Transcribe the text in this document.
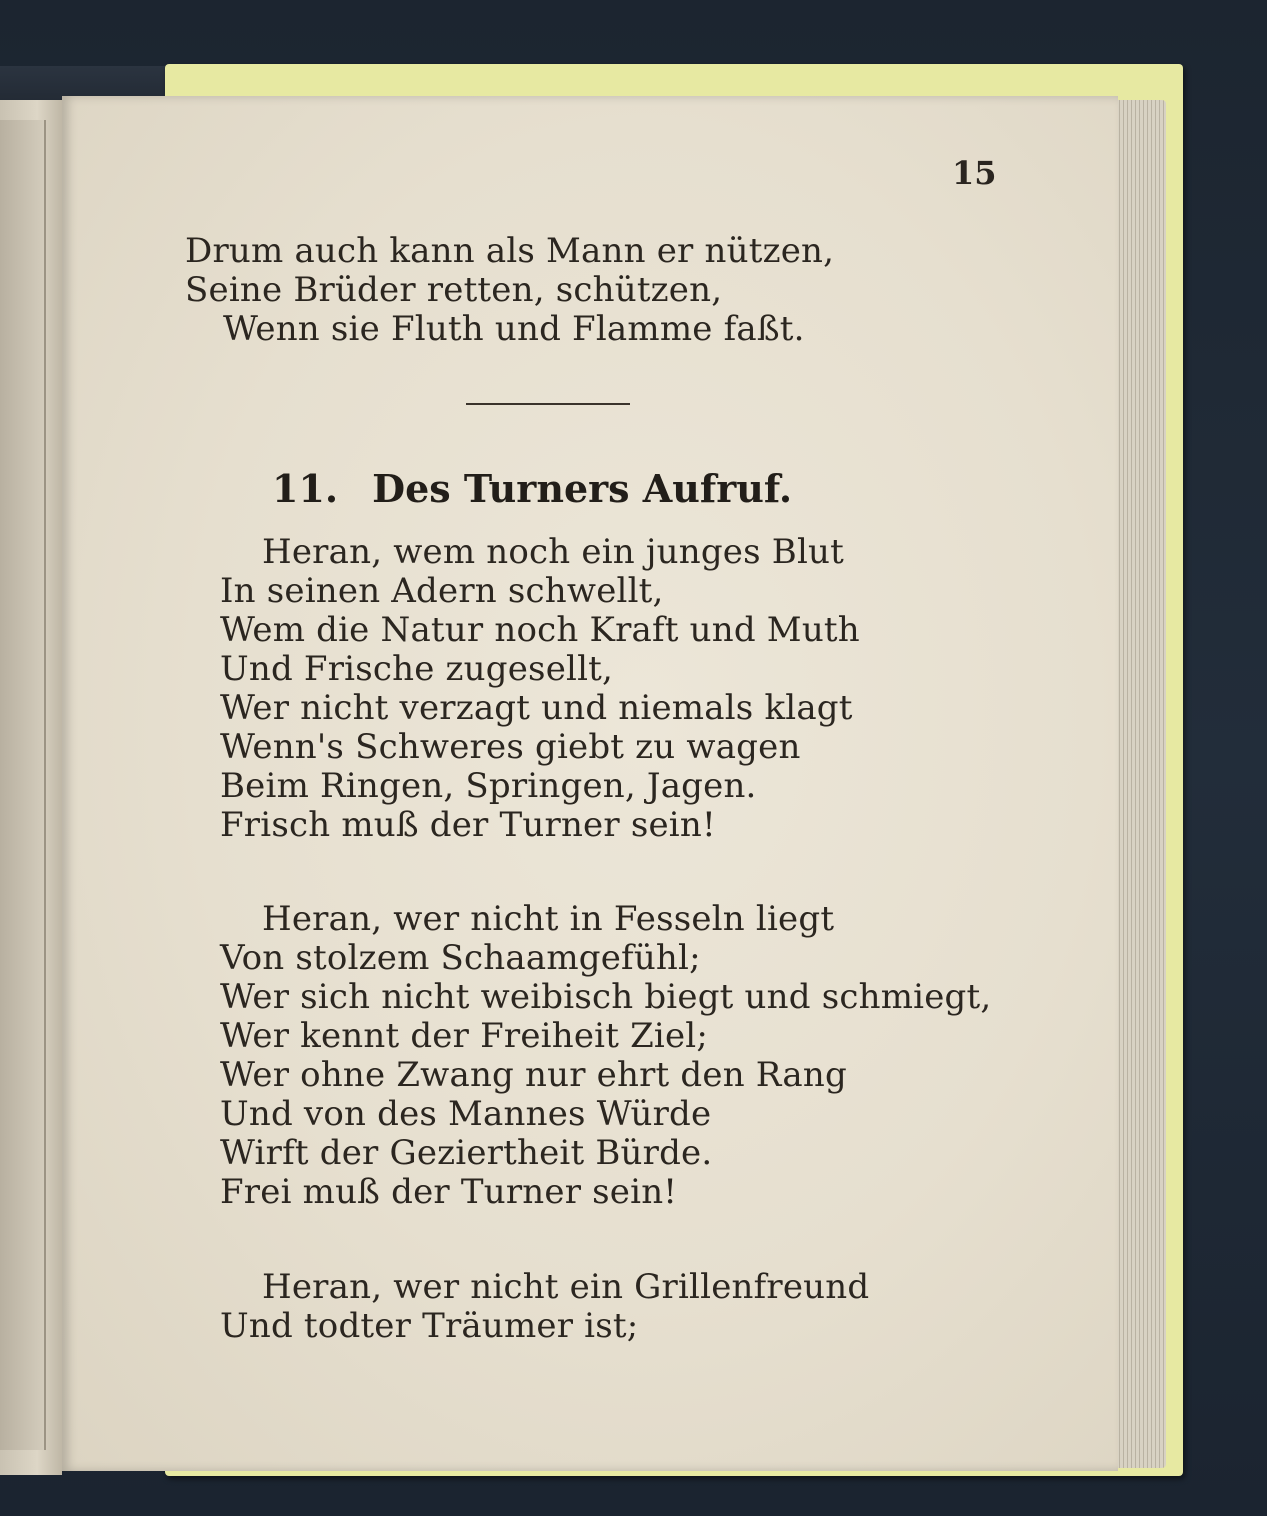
15

Drum auch kann als Mann er nützen,
Seine Brüder retten, schützen,
Wenn sie Fluth und Flamme faßt.
11. Des Turners Aufruf.
Heran, wem noch ein junges Blut
In seinen Adern schwellt,
Wem die Natur noch Kraft und Muth
Und Frische zugesellt,
Wer nicht verzagt und niemals klagt
Wenn's Schweres giebt zu wagen
Beim Ringen, Springen, Jagen.
Frisch muß der Turner sein!
Heran, wer nicht in Fesseln liegt
Von stolzem Schaamgefühl;
Wer sich nicht weibisch biegt und schmiegt,
Wer kennt der Freiheit Ziel;
Wer ohne Zwang nur ehrt den Rang
Und von des Mannes Würde
Wirft der Geziertheit Bürde.
Frei muß der Turner sein!
Heran, wer nicht ein Grillenfreund
Und todter Träumer ist;
